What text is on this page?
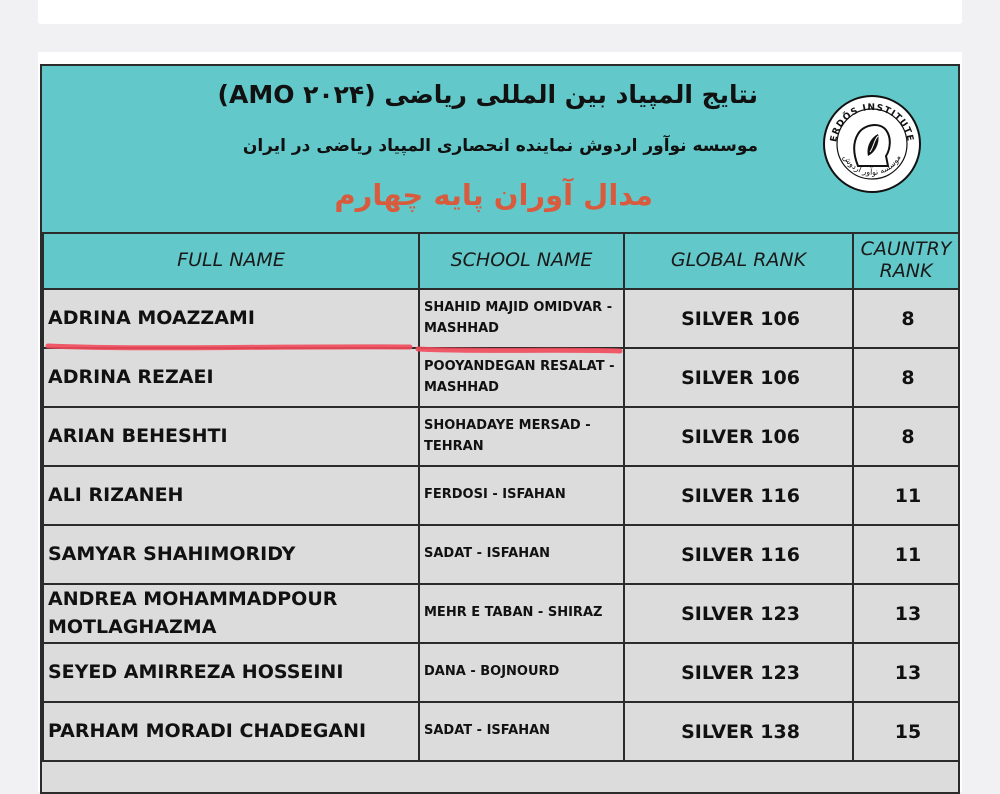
نتایج المپیاد بین المللی ریاضی (AMO ۲۰۲۴)
موسسه نوآور اردوش نماینده انحصاری المپیاد ریاضی در ایران
مدال آوران پایه چهارم
ERDŐS INSTITUTE
موسسه نوآور اردوش
FULL NAME	SCHOOL NAME	GLOBAL RANK	CAUNTRY RANK
ADRINA MOAZZAMI	SHAHID MAJID OMIDVAR - MASHHAD	SILVER 106	8
ADRINA REZAEI	POOYANDEGAN RESALAT - MASHHAD	SILVER 106	8
ARIAN BEHESHTI	SHOHADAYE MERSAD - TEHRAN	SILVER 106	8
ALI RIZANEH	FERDOSI - ISFAHAN	SILVER 116	11
SAMYAR SHAHIMORIDY	SADAT - ISFAHAN	SILVER 116	11
ANDREA MOHAMMADPOUR MOTLAGHAZMA	MEHR E TABAN - SHIRAZ	SILVER 123	13
SEYED AMIRREZA HOSSEINI	DANA - BOJNOURD	SILVER 123	13
PARHAM MORADI CHADEGANI	SADAT - ISFAHAN	SILVER 138	15
